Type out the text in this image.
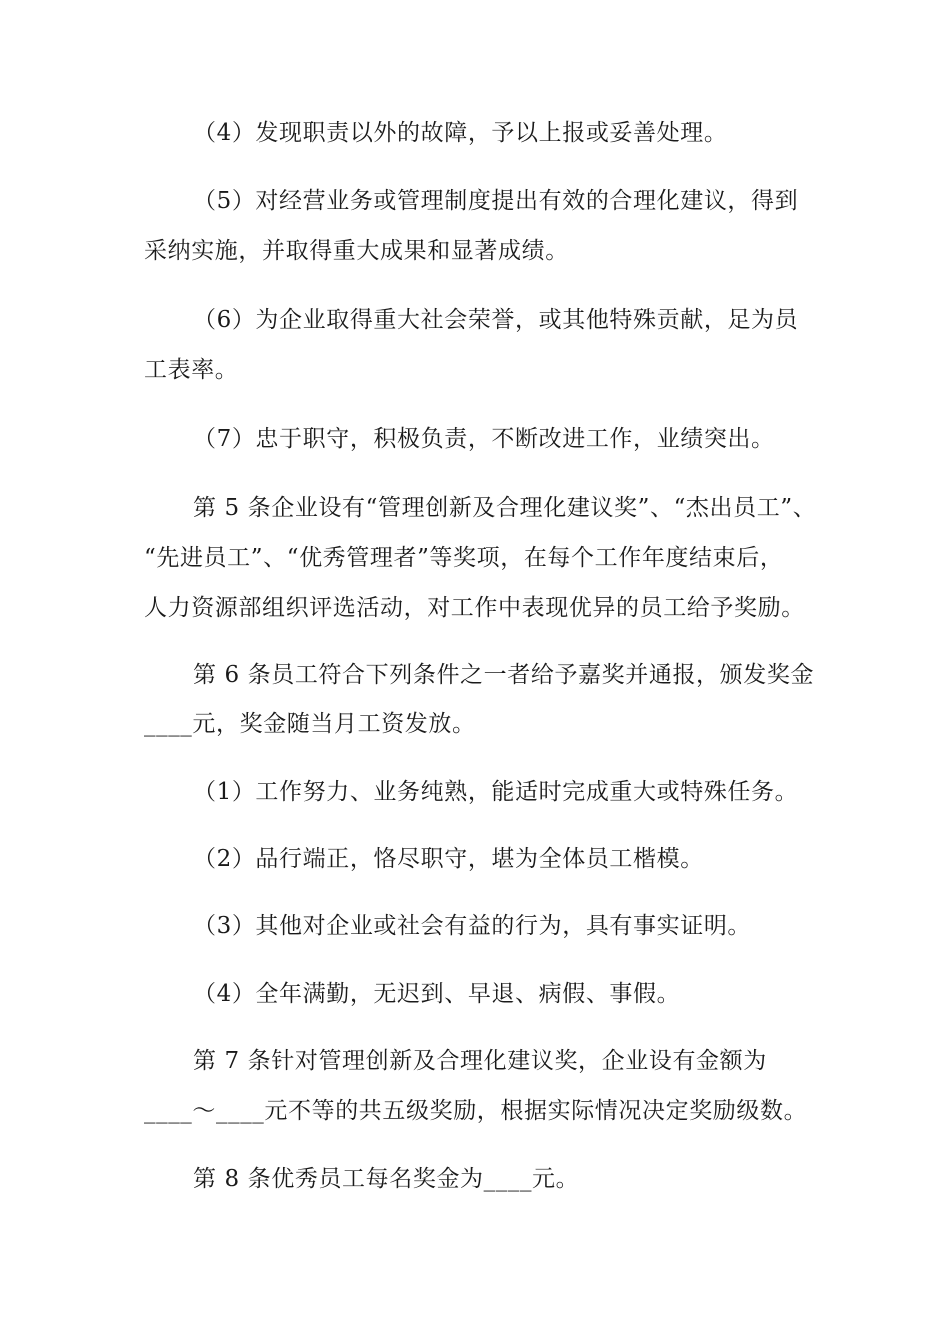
（4）发现职责以外的故障，予以上报或妥善处理。
（5）对经营业务或管理制度提出有效的合理化建议，得到
采纳实施，并取得重大成果和显著成绩。
（6）为企业取得重大社会荣誉，或其他特殊贡献，足为员
工表率。
（7）忠于职守，积极负责，不断改进工作，业绩突出。
第 5 条企业设有“管理创新及合理化建议奖”、“杰出员工”、
“先进员工”、“优秀管理者”等奖项，在每个工作年度结束后，
人力资源部组织评选活动，对工作中表现优异的员工给予奖励。
第 6 条员工符合下列条件之一者给予嘉奖并通报，颁发奖金
____元，奖金随当月工资发放。
（1）工作努力、业务纯熟，能适时完成重大或特殊任务。
（2）品行端正，恪尽职守，堪为全体员工楷模。
（3）其他对企业或社会有益的行为，具有事实证明。
（4）全年满勤，无迟到、早退、病假、事假。
第 7 条针对管理创新及合理化建议奖，企业设有金额为
____～____元不等的共五级奖励，根据实际情况决定奖励级数。
第 8 条优秀员工每名奖金为____元。
